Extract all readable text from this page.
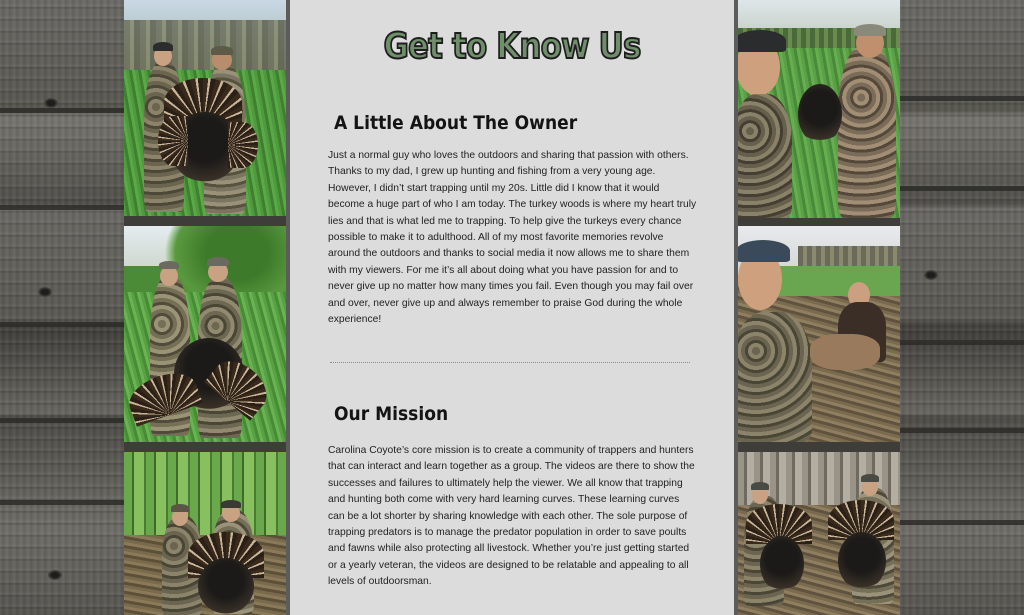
Get to Know Us
A Little About The Owner
Just a normal guy who loves the outdoors and sharing that passion with others. Thanks to my dad, I grew up hunting and fishing from a very young age. However, I didn’t start trapping until my 20s. Little did I know that it would become a huge part of who I am today. The turkey woods is where my heart truly lies and that is what led me to trapping. To help give the turkeys every chance possible to make it to adulthood. All of my most favorite memories revolve around the outdoors and thanks to social media it now allows me to share them with my viewers. For me it’s all about doing what you have passion for and to never give up no matter how many times you fail. Even though you may fail over and over, never give up and always remember to praise God during the whole experience!
Our Mission
Carolina Coyote’s core mission is to create a community of trappers and hunters that can interact and learn together as a group. The videos are there to show the successes and failures to ultimately help the viewer. We all know that trapping and hunting both come with very hard learning curves. These learning curves can be a lot shorter by sharing knowledge with each other. The sole purpose of trapping predators is to manage the predator population in order to save poults and fawns while also protecting all livestock. Whether you’re just getting started or a yearly veteran, the videos are designed to be relatable and appealing to all levels of outdoorsman.
